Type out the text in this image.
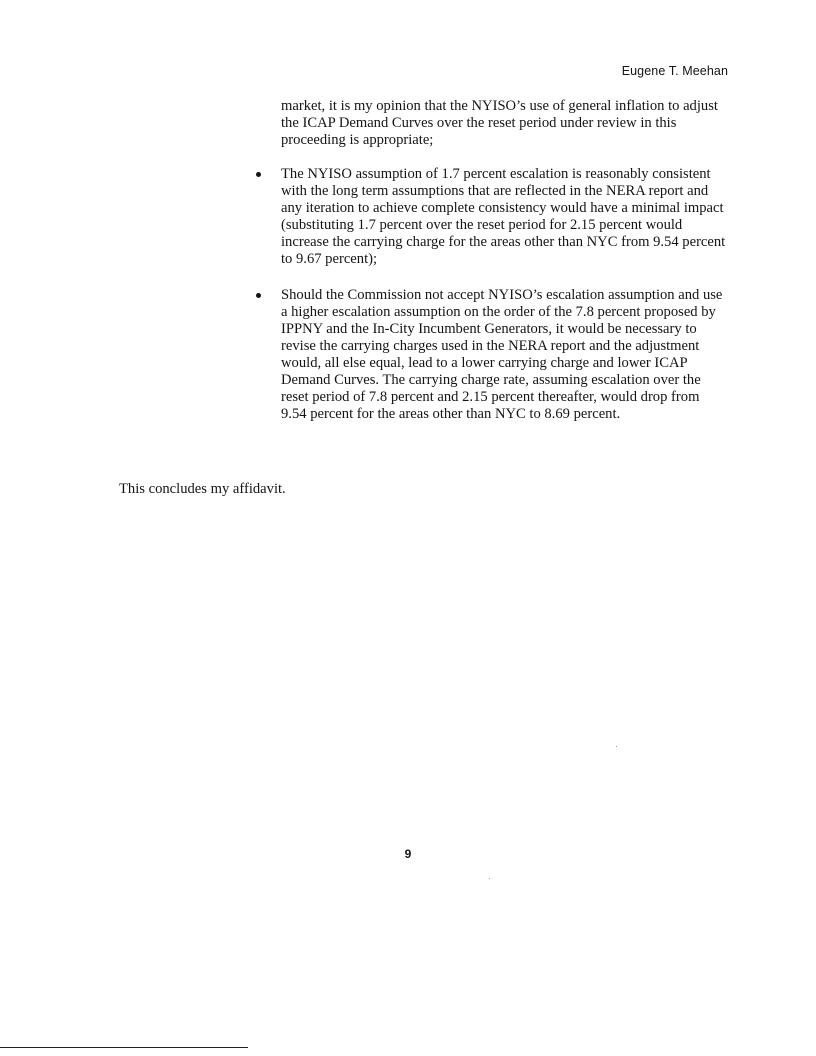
Eugene T. Meehan

market, it is my opinion that the NYISO’s use of general inflation to adjust the ICAP Demand Curves over the reset period under review in this proceeding is appropriate;

The NYISO assumption of 1.7 percent escalation is reasonably consistent with the long term assumptions that are reflected in the NERA report and any iteration to achieve complete consistency would have a minimal impact (substituting 1.7 percent over the reset period for 2.15 percent would increase the carrying charge for the areas other than NYC from 9.54 percent to 9.67 percent);
Should the Commission not accept NYISO’s escalation assumption and use a higher escalation assumption on the order of the 7.8 percent proposed by IPPNY and the In-City Incumbent Generators, it would be necessary to revise the carrying charges used in the NERA report and the adjustment would, all else equal, lead to a lower carrying charge and lower ICAP Demand Curves. The carrying charge rate, assuming escalation over the reset period of 7.8 percent and 2.15 percent thereafter, would drop from 9.54 percent for the areas other than NYC to 8.69 percent.

This concludes my affidavit.

9
